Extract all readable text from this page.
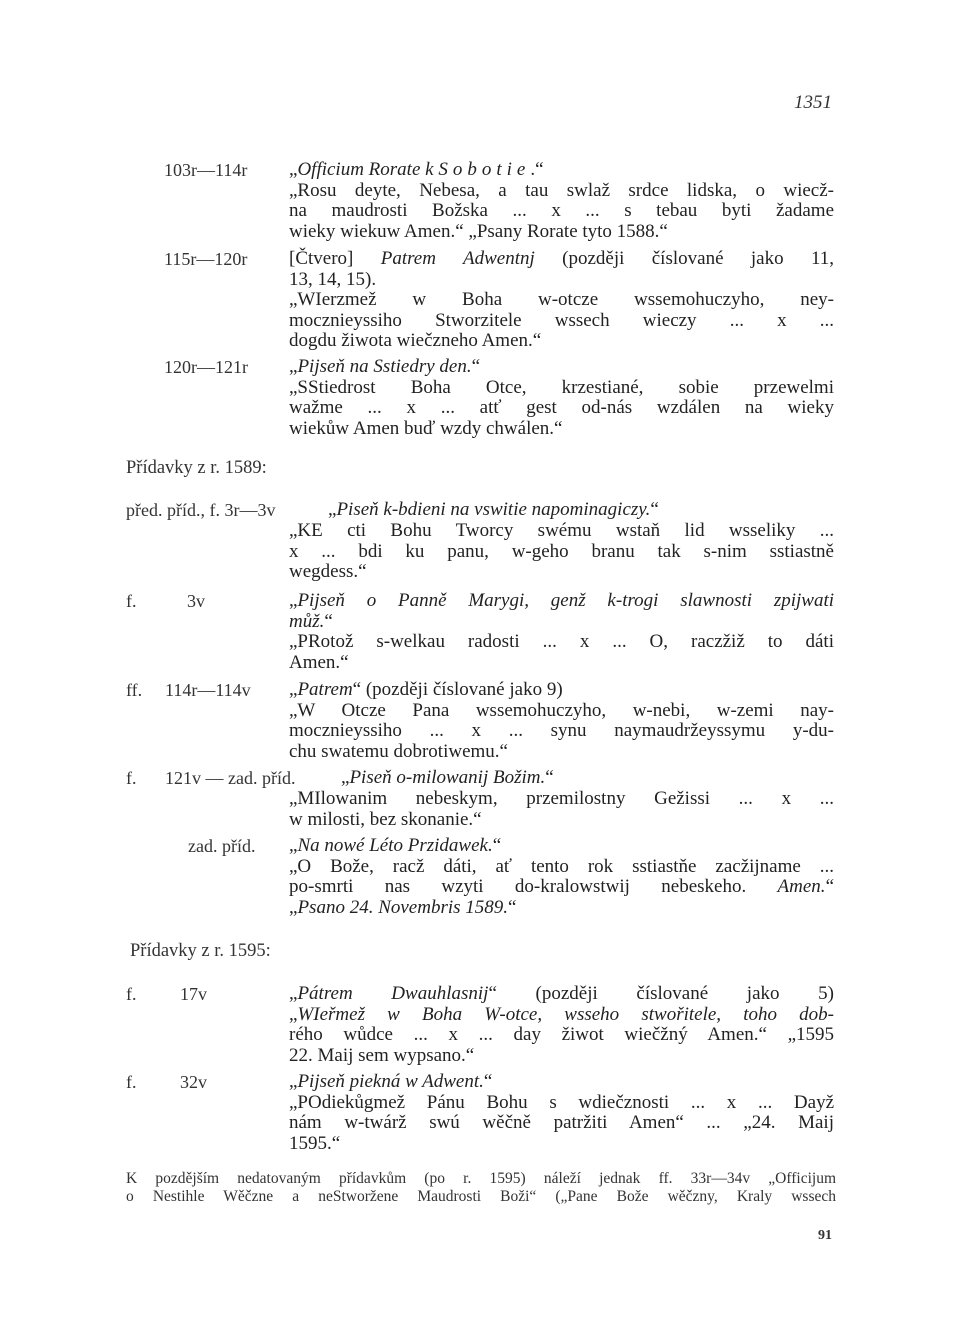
1351
103r—114r „Officium Rorate k Sobotie.“
„Rosu deyte, Nebesa, a tau swlaž srdce lidska, o wiecž-
na maudrosti Božska ... x ... s tebau byti žadame
wieky wiekuw Amen.“ „Psany Rorate tyto 1588.“
115r—120r [Čtvero] Patrem Adwentnj (později číslované jako 11,
13, 14, 15).
„WIerzmež w Boha w-otcze wssemohuczyho, ney-
mocznieyssiho Stworzitele wssech wieczy ... x ...
dogdu žiwota wiečzneho Amen.“
120r—121r „Pijseň na Sstiedry den.“
„SStiedrost Boha Otce, krzestiané, sobie przewelmi
wažme ... x ... atť gest od-nás wzdálen na wieky
wiekůw Amen buď wzdy chwálen.“
Přídavky z r. 1589:
před. příd., f. 3r—3v	„Piseň k-bdieni na vswitie napominagiczy.“
„KE cti Bohu Tworcy swému wstaň lid wsseliky ...
x ... bdi ku panu, w-geho branu tak s-nim sstiastně
wegdess.“
f.	3v	„Pijseň o Panně Marygi, genž k-trogi slawnosti zpijwati
můž.“
„PRotož s-welkau radosti ... x ... O, raczžiž to dáti
Amen.“
ff. 114r—114v „Patrem“ (později číslované jako 9)
„W Otcze Pana wssemohuczyho, w-nebi, w-zemi nay-
mocznieyssiho ... x ... synu naymaudržeyssymu y-du-
chu swatemu dobrotiwemu.“
f. 121v — zad. příd. „Piseň o-milowanij Božim.“
„MIlowanim nebeskym, przemilostny Gežissi ... x ...
w milosti, bez skonanie.“
zad. příd. „Na nowé Léto Przidawek.“
„O Bože, racž dáti, ať tento rok sstiastňe zacžijname ...
po-smrti nas wzyti do-kralowstwij nebeskeho. Amen.“
„Psano 24. Novembris 1589.“
Přídavky z r. 1595:
f. 17v	„Pátrem Dwauhlasnij“ (později číslované jako 5)
„WIeřmež w Boha W-otce, wsseho stwořitele, toho dob-
rého wůdce ... x ... day žiwot wiečžný Amen.“ „1595
22. Maij sem wypsano.“
f. 32v	„Pijseň piekná w Adwent.“
„POdiekůgmež Pánu Bohu s wdiečznosti ... x ... Dayž
nám w-twárž swú wěčně patržiti Amen“ ... „24. Maij
1595.“
K pozdějším nedatovaným přídavkům (po r. 1595) náleží jednak ff. 33r—34v „Officijum
o Nestihle Wěčzne a neStworžene Maudrosti Boži“ („Pane Bože wěčzny, Kraly wssech
91
